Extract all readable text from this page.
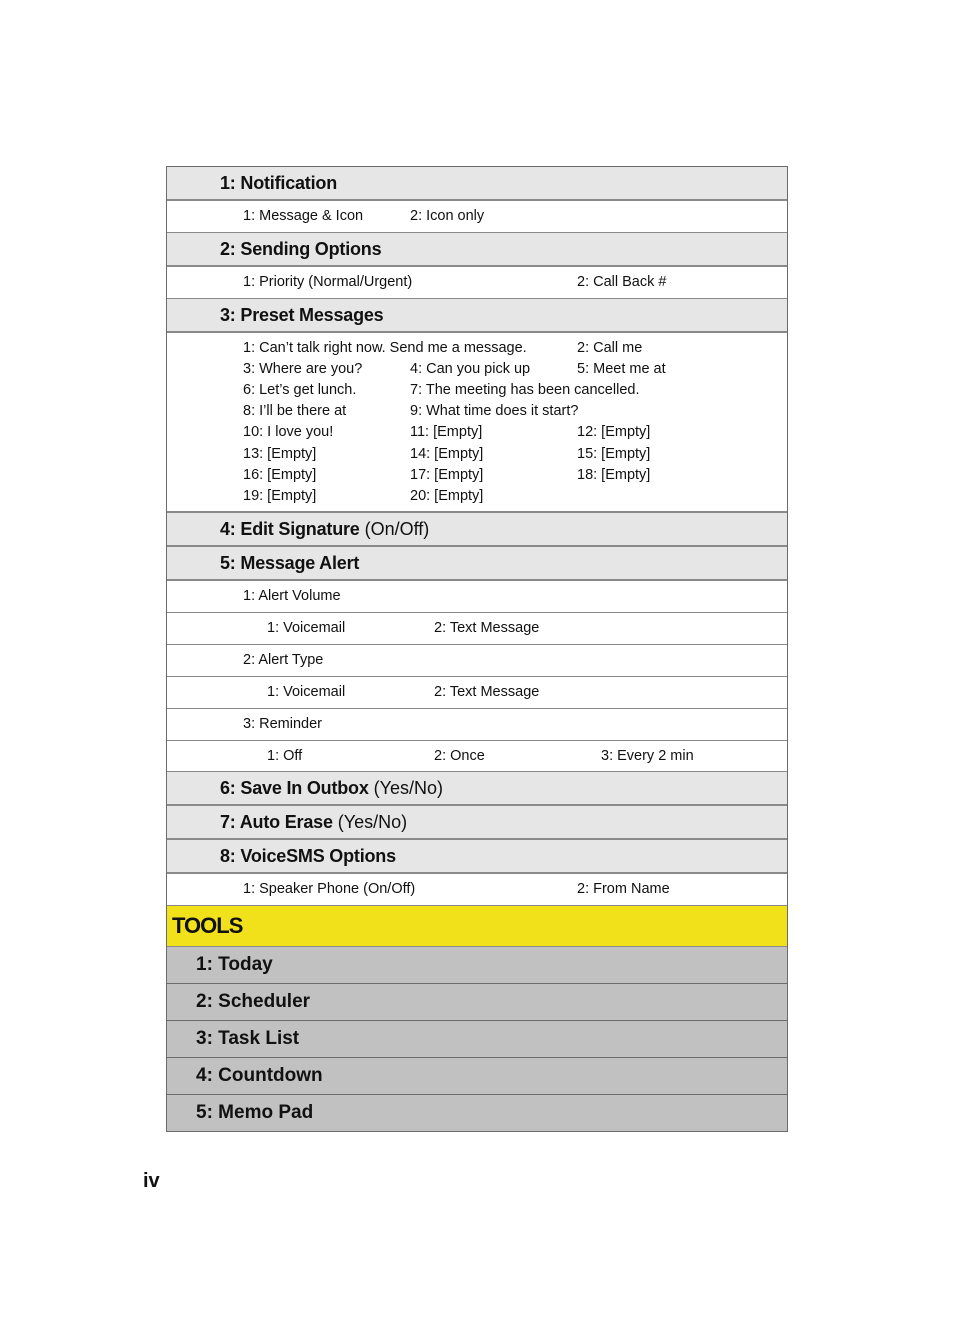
1: Notification
1: Message & Icon	2: Icon only
2: Sending Options
1: Priority (Normal/Urgent)	2: Call Back #
3: Preset Messages
1: Can’t talk right now. Send me a message.	2: Call me
3: Where are you?	4: Can you pick up	5: Meet me at
6: Let’s get lunch.	7: The meeting has been cancelled.
8: I’ll be there at	9: What time does it start?
10: I love you!	11: [Empty]	12: [Empty]
13: [Empty]	14: [Empty]	15: [Empty]
16: [Empty]	17: [Empty]	18: [Empty]
19: [Empty]	20: [Empty]
4: Edit Signature (On/Off)
5: Message Alert
1: Alert Volume
1: Voicemail	2: Text Message
2: Alert Type
1: Voicemail	2: Text Message
3: Reminder
1: Off	2: Once	3: Every 2 min
6: Save In Outbox (Yes/No)
7: Auto Erase (Yes/No)
8: VoiceSMS Options
1: Speaker Phone (On/Off)	2: From Name
TOOLS
1: Today
2: Scheduler
3: Task List
4: Countdown
5: Memo Pad
iv
